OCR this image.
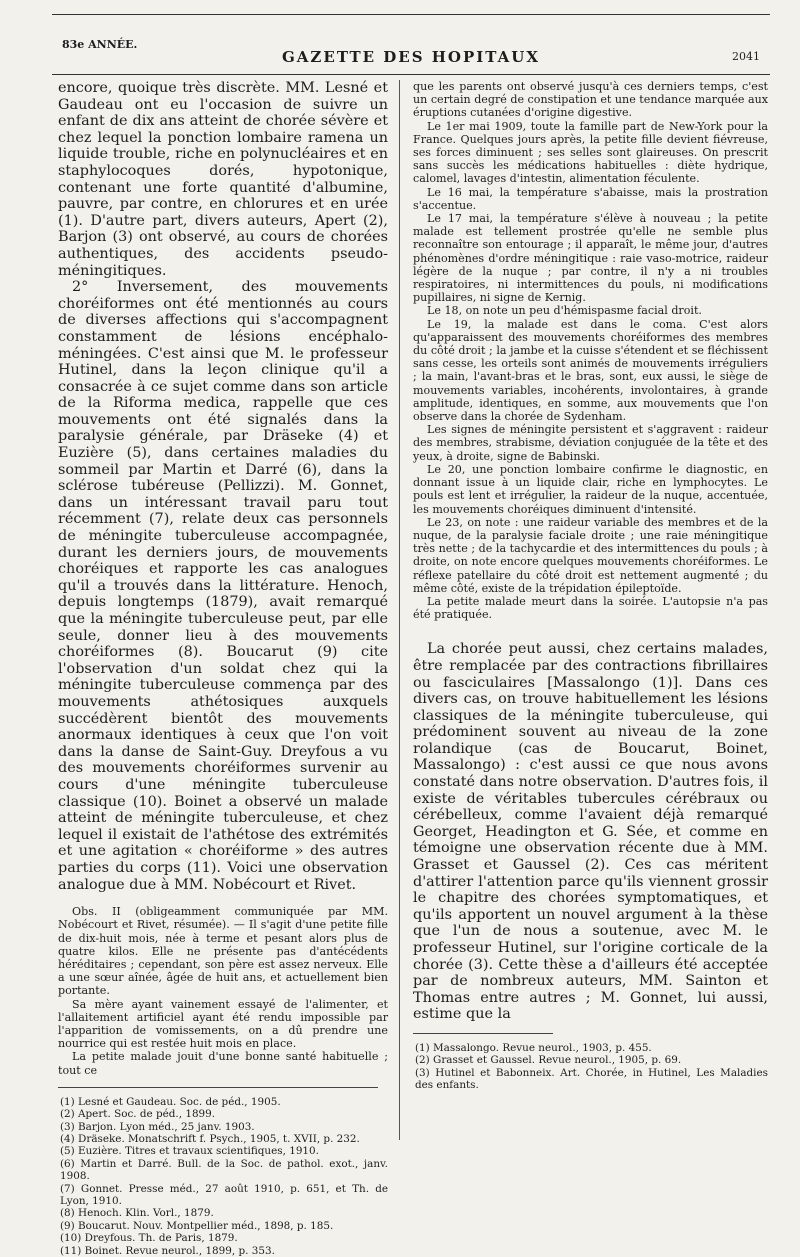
83e ANNÉE.
GAZETTE DES HOPITAUX	2041

encore, quoique très discrète. MM. Lesné et Gaudeau ont eu l'occasion de suivre un enfant de dix ans atteint de chorée sévère et chez lequel la ponction lombaire ramena un liquide trouble, riche en polynucléaires et en staphylocoques dorés, hypotonique, contenant une forte quantité d'albumine, pauvre, par contre, en chlorures et en urée (1). D'autre part, divers auteurs, Apert (2), Barjon (3) ont observé, au cours de chorées authentiques, des accidents pseudo-méningitiques.

2° Inversement, des mouvements choréiformes ont été mentionnés au cours de diverses affections qui s'accompagnent constamment de lésions encéphalo-méningées. C'est ainsi que M. le professeur Hutinel, dans la leçon clinique qu'il a consacrée à ce sujet comme dans son article de la Riforma medica, rappelle que ces mouvements ont été signalés dans la paralysie générale, par Dräseke (4) et Euzière (5), dans certaines maladies du sommeil par Martin et Darré (6), dans la sclérose tubéreuse (Pellizzi). M. Gonnet, dans un intéressant travail paru tout récemment (7), relate deux cas personnels de méningite tuberculeuse accompagnée, durant les derniers jours, de mouvements choréiques et rapporte les cas analogues qu'il a trouvés dans la littérature. Henoch, depuis longtemps (1879), avait remarqué que la méningite tuberculeuse peut, par elle seule, donner lieu à des mouvements choréiformes (8). Boucarut (9) cite l'observation d'un soldat chez qui la méningite tuberculeuse commença par des mouvements athétosiques auxquels succédèrent bientôt des mouvements anormaux identiques à ceux que l'on voit dans la danse de Saint-Guy. Dreyfous a vu des mouvements choréiformes survenir au cours d'une méningite tuberculeuse classique (10). Boinet a observé un malade atteint de méningite tuberculeuse, et chez lequel il existait de l'athétose des extrémités et une agitation « choréiforme » des autres parties du corps (11). Voici une observation analogue due à MM. Nobécourt et Rivet.

Obs. II (obligeamment communiquée par MM. Nobécourt et Rivet, résumée). — Il s'agit d'une petite fille de dix-huit mois, née à terme et pesant alors plus de quatre kilos. Elle ne présente pas d'antécédents héréditaires ; cependant, son père est assez nerveux. Elle a une sœur aînée, âgée de huit ans, et actuellement bien portante.

Sa mère ayant vainement essayé de l'alimenter, et l'allaitement artificiel ayant été rendu impossible par l'apparition de vomissements, on a dû prendre une nourrice qui est restée huit mois en place.

La petite malade jouit d'une bonne santé habituelle ; tout ce

(1) Lesné et Gaudeau. Soc. de péd., 1905.

(2) Apert. Soc. de péd., 1899.

(3) Barjon. Lyon méd., 25 janv. 1903.

(4) Dräseke. Monatschrift f. Psych., 1905, t. XVII, p. 232.

(5) Euzière. Titres et travaux scientifiques, 1910.

(6) Martin et Darré. Bull. de la Soc. de pathol. exot., janv. 1908.

(7) Gonnet. Presse méd., 27 août 1910, p. 651, et Th. de Lyon, 1910.

(8) Henoch. Klin. Vorl., 1879.

(9) Boucarut. Nouv. Montpellier méd., 1898, p. 185.

(10) Dreyfous. Th. de Paris, 1879.

(11) Boinet. Revue neurol., 1899, p. 353.

que les parents ont observé jusqu'à ces derniers temps, c'est un certain degré de constipation et une tendance marquée aux éruptions cutanées d'origine digestive.

Le 1er mai 1909, toute la famille part de New-York pour la France. Quelques jours après, la petite fille devient fiévreuse, ses forces diminuent ; ses selles sont glaireuses. On prescrit sans succès les médications habituelles : diète hydrique, calomel, lavages d'intestin, alimentation féculente.

Le 16 mai, la température s'abaisse, mais la prostration s'accentue.

Le 17 mai, la température s'élève à nouveau ; la petite malade est tellement prostrée qu'elle ne semble plus reconnaître son entourage ; il apparaît, le même jour, d'autres phénomènes d'ordre méningitique : raie vaso-motrice, raideur légère de la nuque ; par contre, il n'y a ni troubles respiratoires, ni intermittences du pouls, ni modifications pupillaires, ni signe de Kernig.

Le 18, on note un peu d'hémispasme facial droit.

Le 19, la malade est dans le coma. C'est alors qu'apparaissent des mouvements choréiformes des membres du côté droit ; la jambe et la cuisse s'étendent et se fléchissent sans cesse, les orteils sont animés de mouvements irréguliers ; la main, l'avant-bras et le bras, sont, eux aussi, le siège de mouvements variables, incohérents, involontaires, à grande amplitude, identiques, en somme, aux mouvements que l'on observe dans la chorée de Sydenham.

Les signes de méningite persistent et s'aggravent : raideur des membres, strabisme, déviation conjuguée de la tête et des yeux, à droite, signe de Babinski.

Le 20, une ponction lombaire confirme le diagnostic, en donnant issue à un liquide clair, riche en lymphocytes. Le pouls est lent et irrégulier, la raideur de la nuque, accentuée, les mouvements choréiques diminuent d'intensité.

Le 23, on note : une raideur variable des membres et de la nuque, de la paralysie faciale droite ; une raie méningitique très nette ; de la tachycardie et des intermittences du pouls ; à droite, on note encore quelques mouvements choréiformes. Le réflexe patellaire du côté droit est nettement augmenté ; du même côté, existe de la trépidation épileptoïde.

La petite malade meurt dans la soirée. L'autopsie n'a pas été pratiquée.

La chorée peut aussi, chez certains malades, être remplacée par des contractions fibrillaires ou fasciculaires [Massalongo (1)]. Dans ces divers cas, on trouve habituellement les lésions classiques de la méningite tuberculeuse, qui prédominent souvent au niveau de la zone rolandique (cas de Boucarut, Boinet, Massalongo) : c'est aussi ce que nous avons constaté dans notre observation. D'autres fois, il existe de véritables tubercules cérébraux ou cérébelleux, comme l'avaient déjà remarqué Georget, Headington et G. Sée, et comme en témoigne une observation récente due à MM. Grasset et Gaussel (2). Ces cas méritent d'attirer l'attention parce qu'ils viennent grossir le chapitre des chorées symptomatiques, et qu'ils apportent un nouvel argument à la thèse que l'un de nous a soutenue, avec M. le professeur Hutinel, sur l'origine corticale de la chorée (3). Cette thèse a d'ailleurs été acceptée par de nombreux auteurs, MM. Sainton et Thomas entre autres ; M. Gonnet, lui aussi, estime que la

(1) Massalongo. Revue neurol., 1903, p. 455.

(2) Grasset et Gaussel. Revue neurol., 1905, p. 69.

(3) Hutinel et Babonneix. Art. Chorée, in Hutinel, Les Maladies des enfants.
